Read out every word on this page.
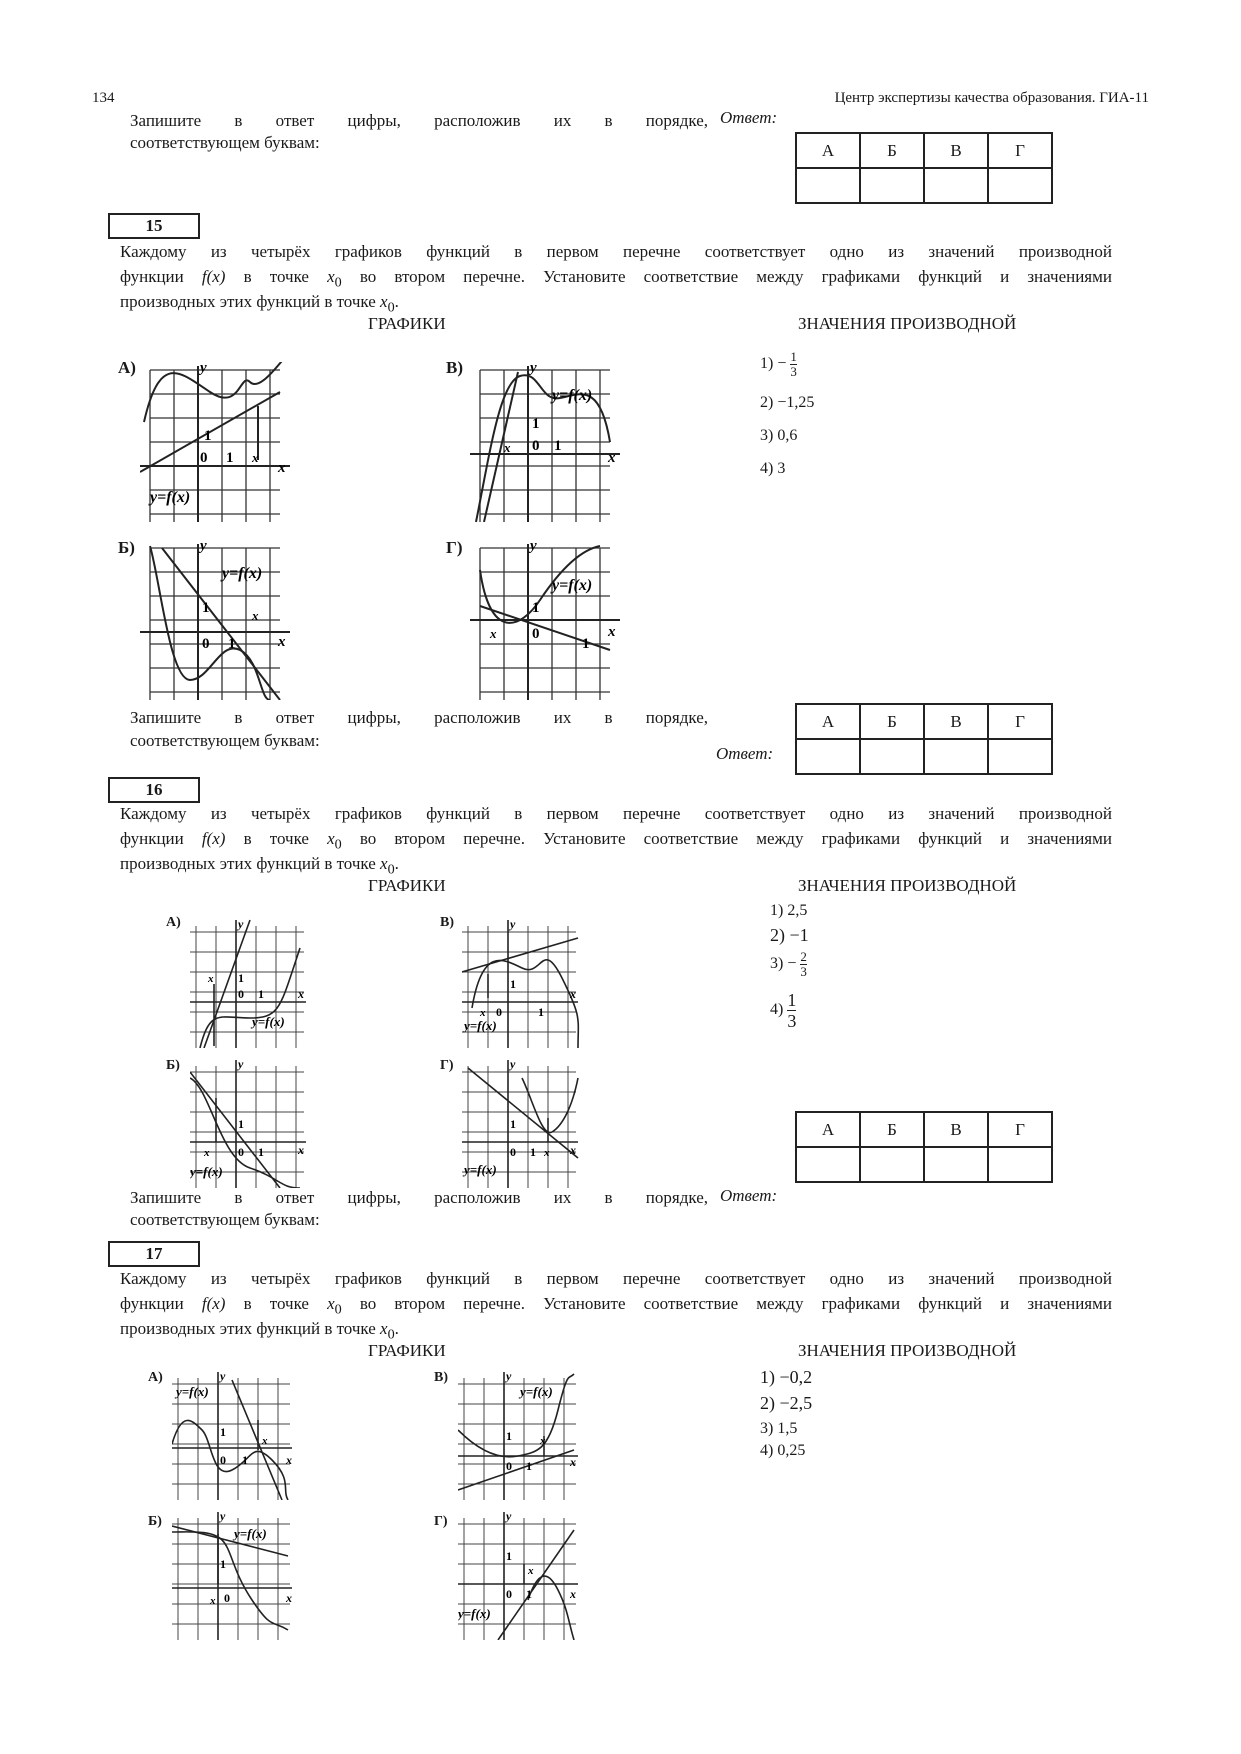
134	Центр экспертизы качества образования. ГИА-11
Запишите в ответ цифры, расположив их в порядке,
соответствующем буквам:
Ответ:
А	Б	В	Г

15
Каждому из четырёх графиков функций в первом перечне соответствует одно из значений производной
функции f(x) в точке $x_0$ во втором перечне. Установите соответствие между графиками функций и значениями
производных этих функций в точке $x_0$.
ГРАФИКИ	ЗНАЧЕНИЯ ПРОИЗВОДНОЙ
$1) - \frac{1}{3}$
2) −1,25
3) 0,6
4) 3
А)
0 1
1
y
x
x
y=f(x)
В)
0 1
1
y
x
x
y=f(x)
Б)
0 1
1
y
x
x
y=f(x)
Г)
0
1
1
y
x
x
y=f(x)
Запишите в ответ цифры, расположив их в порядке,
соответствующем буквам:
Ответ:
А	Б	В	Г

16
Каждому из четырёх графиков функций в первом перечне соответствует одно из значений производной
функции f(x) в точке $x_0$ во втором перечне. Установите соответствие между графиками функций и значениями
производных этих функций в точке $x_0$.
ГРАФИКИ	ЗНАЧЕНИЯ ПРОИЗВОДНОЙ
1) 2,5
2) −1
$3) - \frac{2}{3}$
$4) \frac{1}{3}$
А)
0 1
1
y
x
x
y=f(x)
В)
0	1
1
y
x
x
y=f(x)
Б)
0 1
1
y
x
x
y=f(x)
Г)
0 1
1
y
x
x
y=f(x)
А	Б	В	Г

Запишите в ответ цифры, расположив их в порядке,
соответствующем буквам:
Ответ:
17
Каждому из четырёх графиков функций в первом перечне соответствует одно из значений производной
функции f(x) в точке $x_0$ во втором перечне. Установите соответствие между графиками функций и значениями
производных этих функций в точке $x_0$.
ГРАФИКИ	ЗНАЧЕНИЯ ПРОИЗВОДНОЙ
1) −0,2
2) −2,5
3) 1,5
4) 0,25
А)
0 1
1
y
x
x
y=f(x)
В)
0 1
1
y
x
x
y=f(x)
Б)
0
1
y
x
x
y=f(x)
Г)
0 1
1
y
x
x
y=f(x)
